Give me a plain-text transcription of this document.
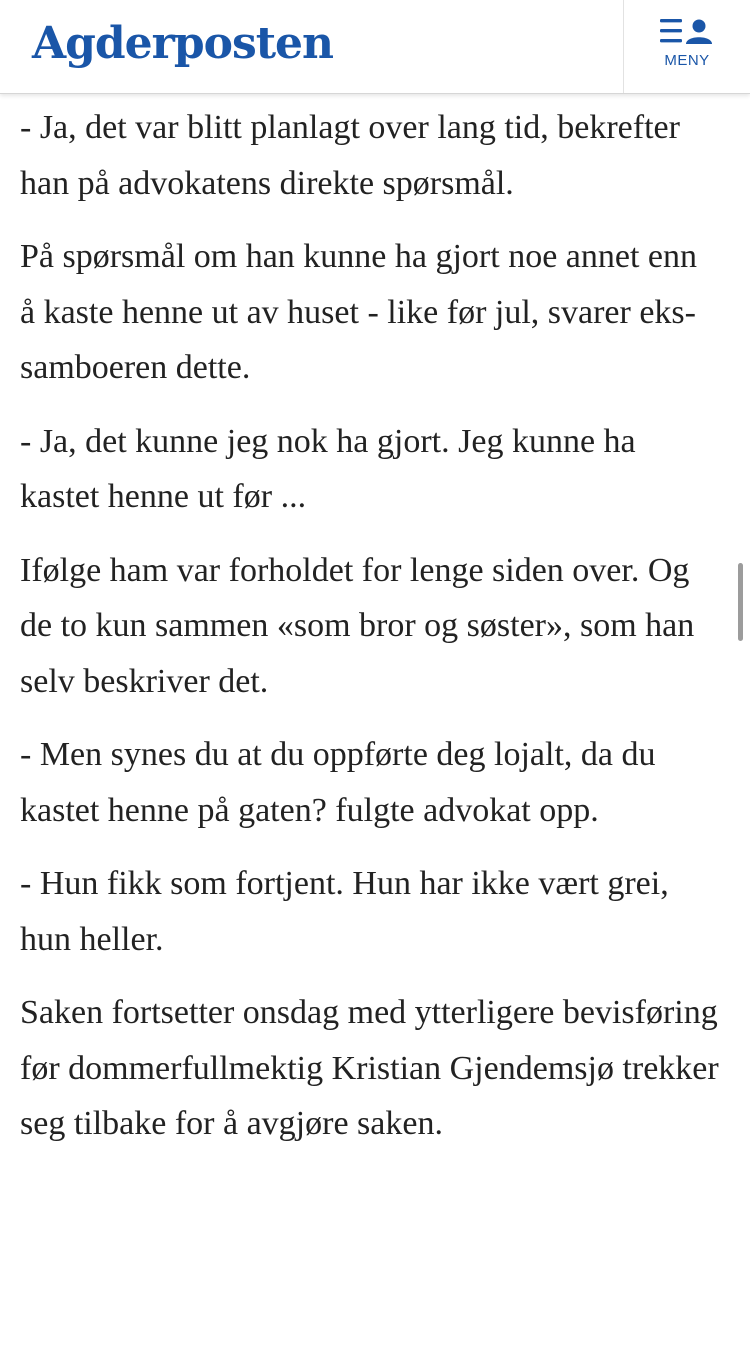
Agderposten	MENY

- Ja, det var blitt planlagt over lang tid, bekrefter han på advokatens direkte spørsmål.

På spørsmål om han kunne ha gjort noe annet enn å kaste henne ut av huset - like før jul, svarer eks-samboeren dette.

- Ja, det kunne jeg nok ha gjort. Jeg kunne ha kastet henne ut før ...

Ifølge ham var forholdet for lenge siden over. Og de to kun sammen «som bror og søster», som han selv beskriver det.

- Men synes du at du oppførte deg lojalt, da du kastet henne på gaten? fulgte advokat opp.

- Hun fikk som fortjent. Hun har ikke vært grei, hun heller.

Saken fortsetter onsdag med ytterligere bevisføring før dommerfullmektig Kristian Gjendemsjø trekker seg tilbake for å avgjøre saken.
